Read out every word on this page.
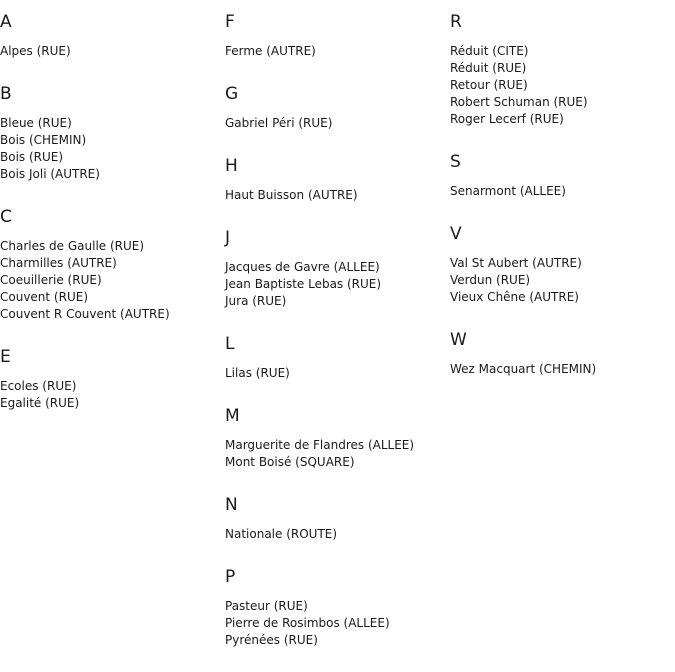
A
Alpes (RUE)
B
Bleue (RUE)
Bois (CHEMIN)
Bois (RUE)
Bois Joli (AUTRE)
C
Charles de Gaulle (RUE)
Charmilles (AUTRE)
Coeuillerie (RUE)
Couvent (RUE)
Couvent R Couvent (AUTRE)
E
Ecoles (RUE)
Egalité (RUE)
F
Ferme (AUTRE)
G
Gabriel Péri (RUE)
H
Haut Buisson (AUTRE)
J
Jacques de Gavre (ALLEE)
Jean Baptiste Lebas (RUE)
Jura (RUE)
L
Lilas (RUE)
M
Marguerite de Flandres (ALLEE)
Mont Boisé (SQUARE)
N
Nationale (ROUTE)
P
Pasteur (RUE)
Pierre de Rosimbos (ALLEE)
Pyrénées (RUE)
R
Réduit (CITE)
Réduit (RUE)
Retour (RUE)
Robert Schuman (RUE)
Roger Lecerf (RUE)
S
Senarmont (ALLEE)
V
Val St Aubert (AUTRE)
Verdun (RUE)
Vieux Chêne (AUTRE)
W
Wez Macquart (CHEMIN)
